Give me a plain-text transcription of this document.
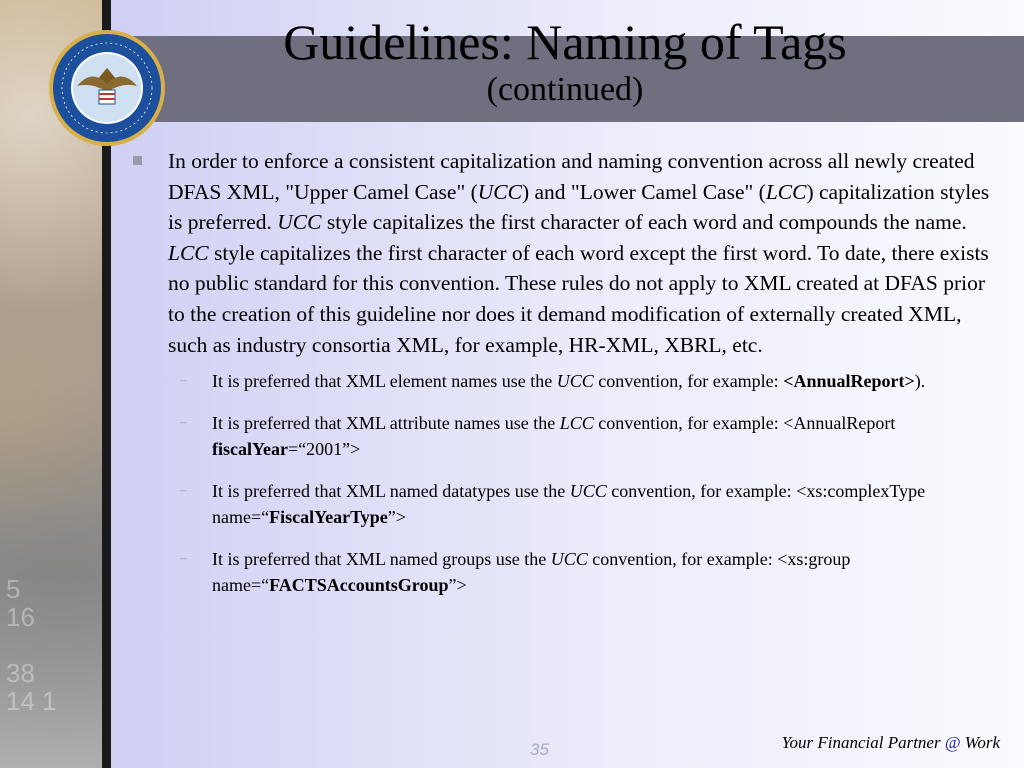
5
16

38
14 1
Guidelines: Naming of Tags
(continued)
In order to enforce a consistent capitalization and naming convention across all newly created DFAS XML, "Upper Camel Case" (UCC) and "Lower Camel Case" (LCC) capitalization styles is preferred. UCC style capitalizes the first character of each word and compounds the name. LCC style capitalizes the first character of each word except the first word. To date, there exists no public standard for this convention. These rules do not apply to XML created at DFAS prior to the creation of this guideline nor does it demand modification of externally created XML, such as industry consortia XML, for example, HR-XML, XBRL, etc.
– It is preferred that XML element names use the UCC convention, for example: <AnnualReport>).
– It is preferred that XML attribute names use the LCC convention, for example: <AnnualReport fiscalYear=“2001”>
– It is preferred that XML named datatypes use the UCC convention, for example: <xs:complexType name=“FiscalYearType”>
– It is preferred that XML named groups use the UCC convention, for example: <xs:group name=“FACTSAccountsGroup”>
35	Your Financial Partner @ Work
